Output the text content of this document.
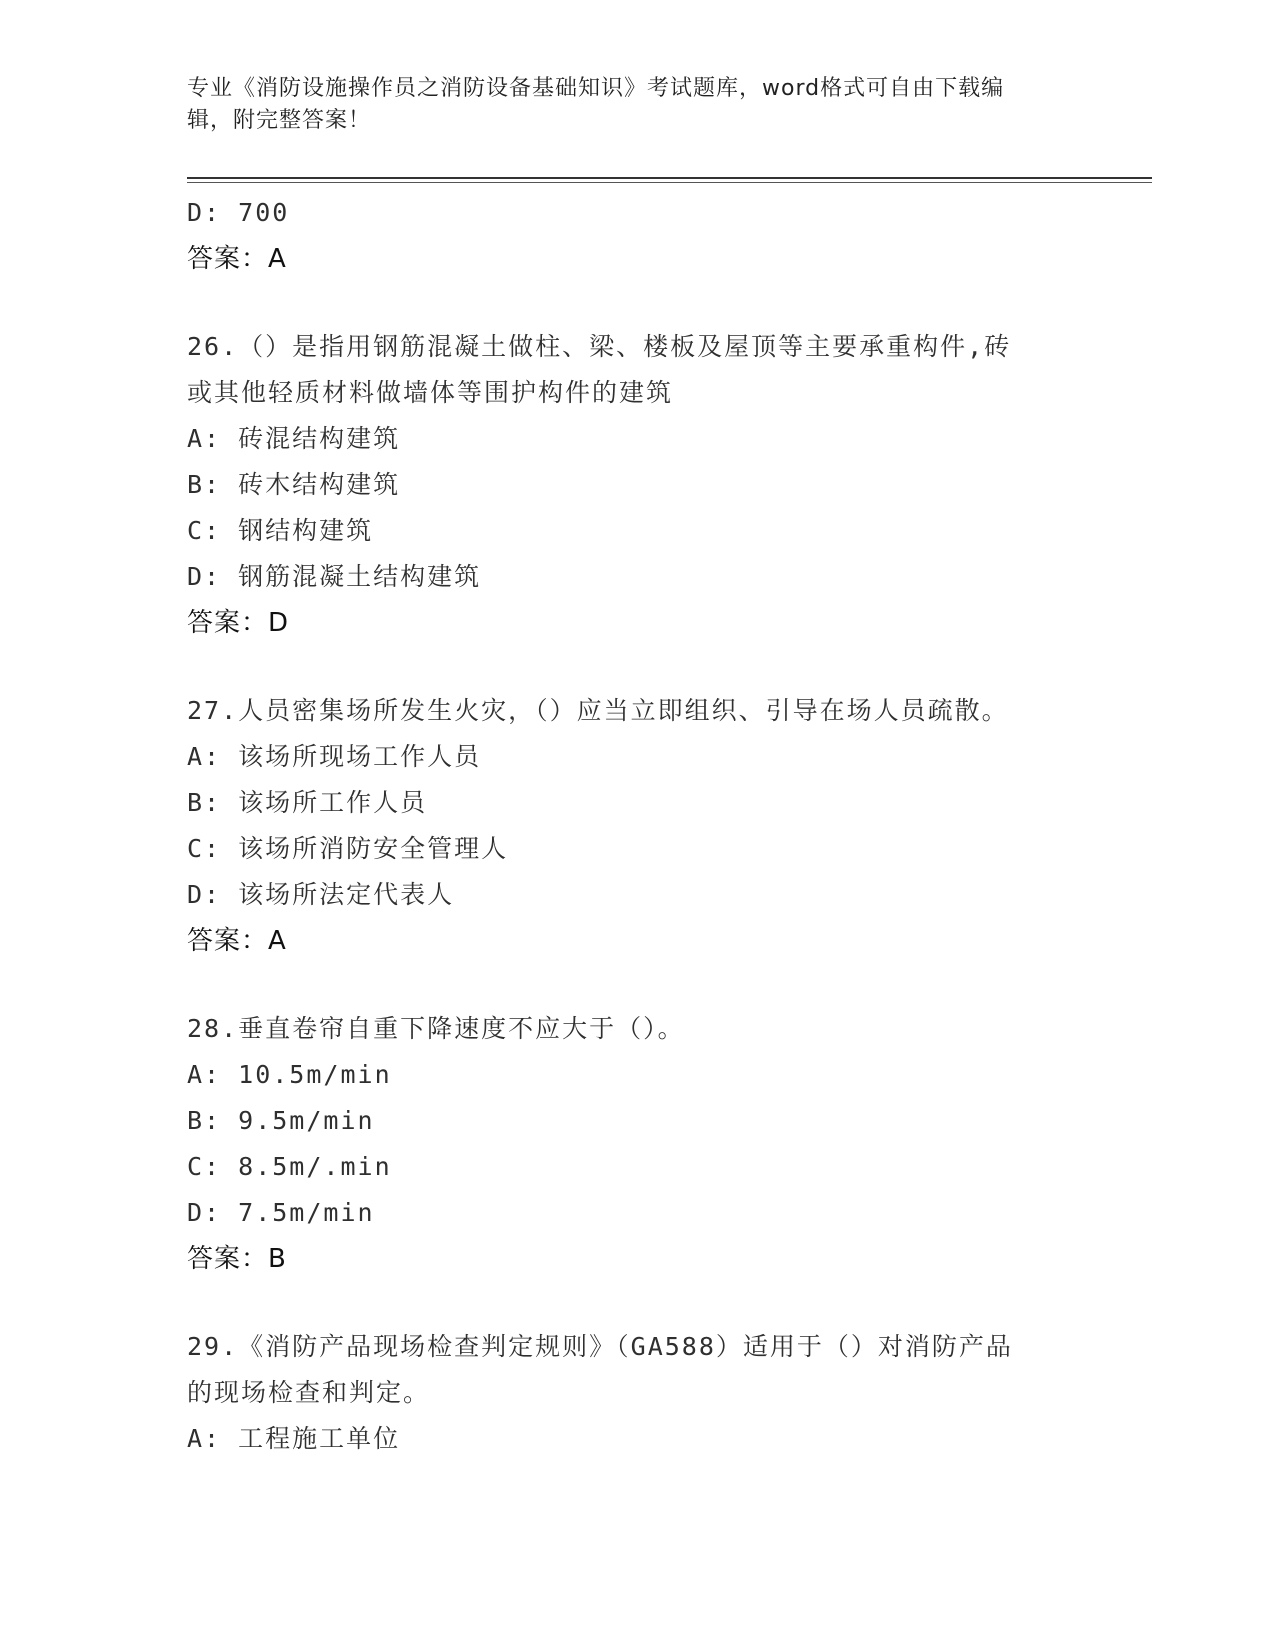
专业《消防设施操作员之消防设备基础知识》考试题库，word格式可自由下载编
辑，附完整答案！
D: 700
答案：A
26.（）是指用钢筋混凝土做柱、梁、楼板及屋顶等主要承重构件,砖
或其他轻质材料做墙体等围护构件的建筑
A: 砖混结构建筑
B: 砖木结构建筑
C: 钢结构建筑
D: 钢筋混凝土结构建筑
答案：D
27.人员密集场所发生火灾，（）应当立即组织、引导在场人员疏散。
A: 该场所现场工作人员
B: 该场所工作人员
C: 该场所消防安全管理人
D: 该场所法定代表人
答案：A
28.垂直卷帘自重下降速度不应大于（）。
A: 10.5m/min
B: 9.5m/min
C: 8.5m/.min
D: 7.5m/min
答案：B
29.《消防产品现场检查判定规则》（GA588）适用于（）对消防产品
的现场检查和判定。
A: 工程施工单位
